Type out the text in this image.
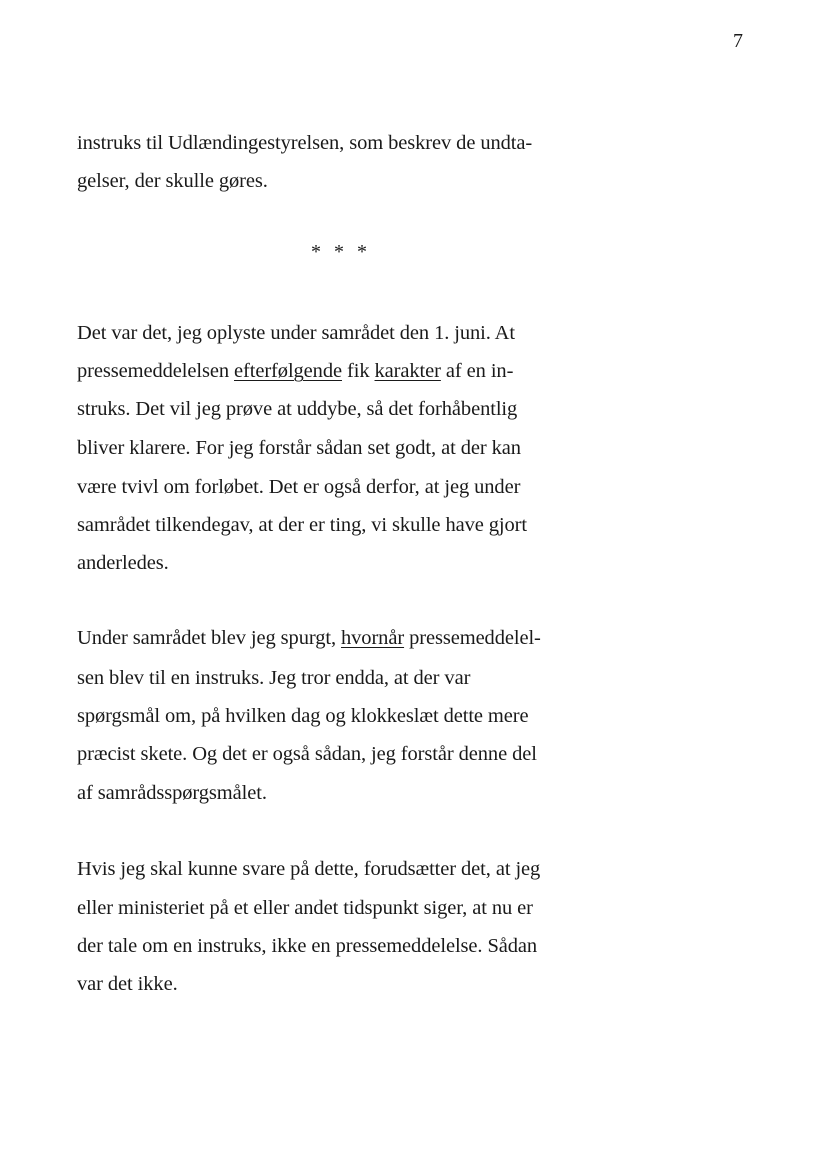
7
instruks til Udlændingestyrelsen, som beskrev de undta-
gelser, der skulle gøres.
* * *
Det var det, jeg oplyste under samrådet den 1. juni. At
pressemeddelelsen efterfølgende fik karakter af en in-
struks. Det vil jeg prøve at uddybe, så det forhåbentlig
bliver klarere. For jeg forstår sådan set godt, at der kan
være tvivl om forløbet. Det er også derfor, at jeg under
samrådet tilkendegav, at der er ting, vi skulle have gjort
anderledes.
Under samrådet blev jeg spurgt, hvornår pressemeddelel-
sen blev til en instruks. Jeg tror endda, at der var
spørgsmål om, på hvilken dag og klokkeslæt dette mere
præcist skete. Og det er også sådan, jeg forstår denne del
af samrådsspørgsmålet.
Hvis jeg skal kunne svare på dette, forudsætter det, at jeg
eller ministeriet på et eller andet tidspunkt siger, at nu er
der tale om en instruks, ikke en pressemeddelelse. Sådan
var det ikke.
